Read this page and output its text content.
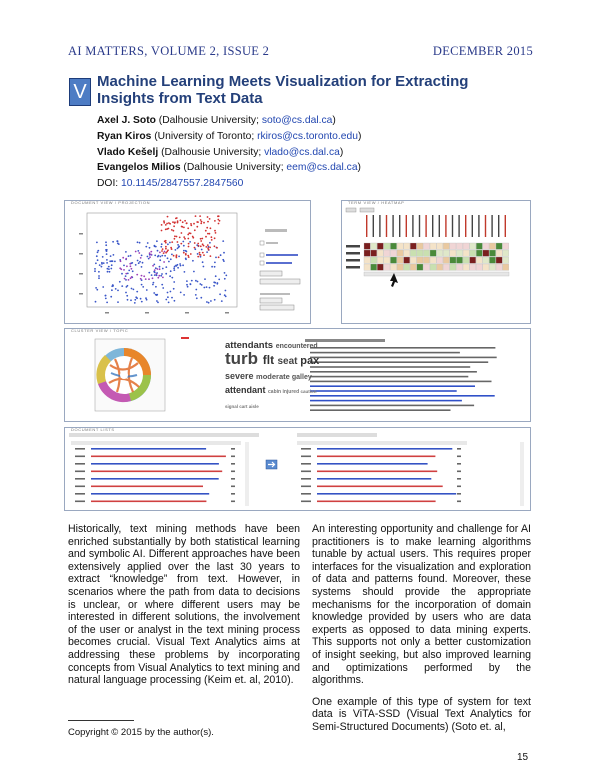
AI MATTERS, VOLUME 2, ISSUE 2	DECEMBER 2015
V Machine Learning Meets Visualization for Extracting
Insights from Text Data
Axel J. Soto (Dalhousie University; soto@cs.dal.ca)
Ryan Kiros (University of Toronto; rkiros@cs.toronto.edu)
Vlado Kešelj (Dalhousie University; vlado@cs.dal.ca)
Evangelos Milios (Dalhousie University; eem@cs.dal.ca)
DOI: 10.1145/2847557.2847560
DOCUMENT VIEW / PROJECTION	TERM VIEW / HEATMAP
CLUSTER VIEW / TOPIC
attendants encountered turb flt seat pax severe moderate galley attendant cabin injured caution signal cart aisle
DOCUMENT LISTS

Historically, text mining methods have been enriched substantially by both statistical learning and symbolic AI. Different approaches have been extensively applied over the last 30 years to extract “knowledge” from text. However, in scenarios where the path from data to decisions is unclear, or where different users may be interested in different solutions, the involvement of the user or analyst in the text mining process becomes crucial. Visual Text Analytics aims at addressing these problems by incorporating concepts from Visual Analytics to text mining and natural language processing (Keim et. al, 2010).

An interesting opportunity and challenge for AI practitioners is to make learning algorithms tunable by actual users. This requires proper interfaces for the visualization and exploration of data and patterns found. Moreover, these systems should provide the appropriate mechanisms for the incorporation of domain knowledge provided by users who are data experts as opposed to data mining experts. This supports not only a better customization of insight seeking, but also improved learning and optimizations performed by the algorithms.

One example of this type of system for text data is ViTA-SSD (Visual Text Analytics for Semi-Structured Documents) (Soto et. al,

Copyright © 2015 by the author(s).
15
